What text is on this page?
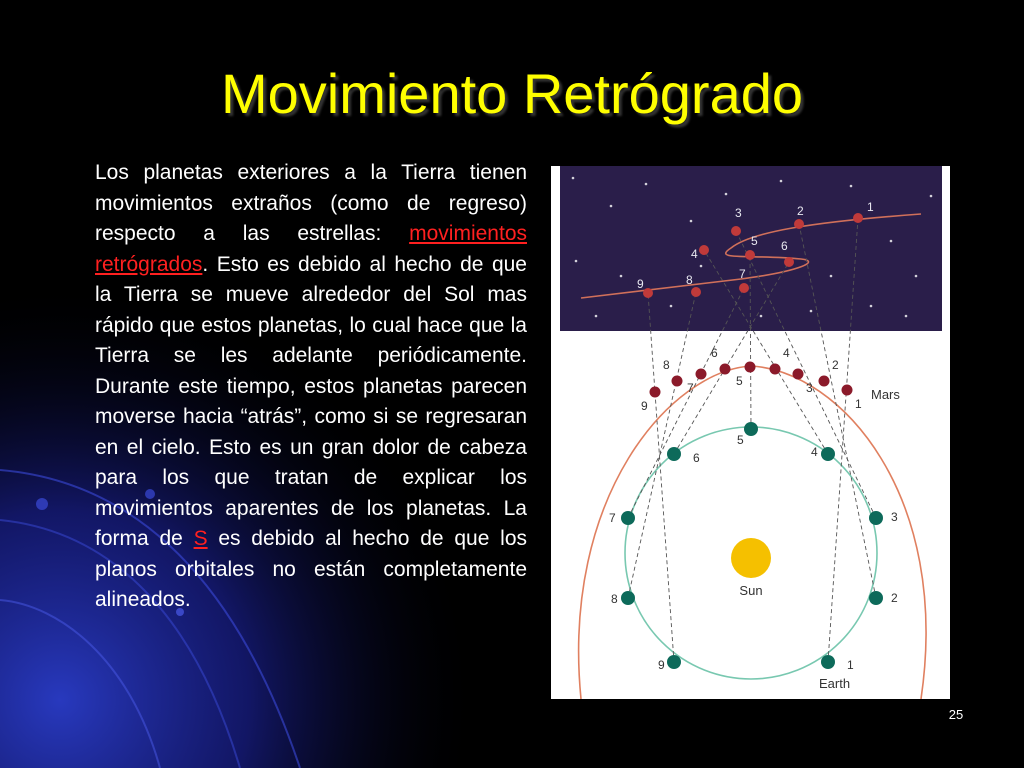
Movimiento Retrógrado

Los planetas exteriores a la Tierra tienen movimientos extraños (como de regreso) respecto a las estrellas: movimientos retrógrados. Esto es debido al hecho de que la Tierra se mueve alrededor del Sol mas rápido que estos planetas, lo cual hace que la Tierra se les adelante periódicamente. Durante este tiempo, estos planetas parecen moverse hacia “atrás”, como si se regresaran en el cielo. Esto es un gran dolor de cabeza para los que tratan de explicar los movimientos aparentes de los planetas. La forma de S es debido al hecho de que los planos orbitales no están completamente alineados.

1
1
1
2
2
2
3
3
3
4
4
4
5
5
5
6
6
6
7
7
7
8
8
8
9
9
9
Sun
Mars
Earth
25
